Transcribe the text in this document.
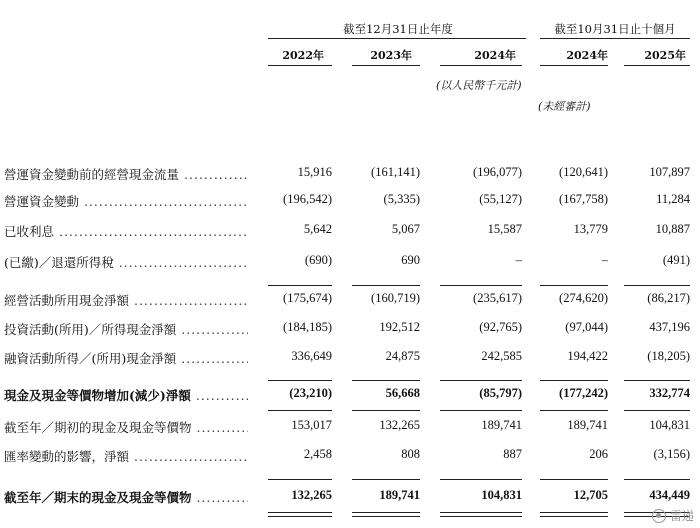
截至12月31日止年度	截至10月31日止十個月
2022年	2023年	2024年	2024年	2025年
(以人民幣千元計)
(未經審計)
營運資金變動前的經營現金流量 .....	15,916	(161,141)	(196,077)	(120,641)	107,897
營運資金變動 .....	(196,542)	(5,335)	(55,127)	(167,758)	11,284
已收利息 .....	5,642	5,067	15,587	13,779	10,887
(已繳)／退還所得稅 .....	(690)	690	–	–	(491)
經營活動所用現金淨額 .....	(175,674)	(160,719)	(235,617)	(274,620)	(86,217)
投資活動(所用)／所得現金淨額 .....	(184,185)	192,512	(92,765)	(97,044)	437,196
融資活動所得／(所用)現金淨額 .....	336,649	24,875	242,585	194,422	(18,205)
現金及現金等價物增加(減少)淨額 .....	(23,210)	56,668	(85,797)	(177,242)	332,774
截至年／期初的現金及現金等價物 .....	153,017	132,265	189,741	189,741	104,831
匯率變動的影響，淨額 .....	2,458	808	887	206	(3,156)
截至年／期末的現金及現金等價物 .....	132,265	189,741	104,831	12,705	434,449
雷递
